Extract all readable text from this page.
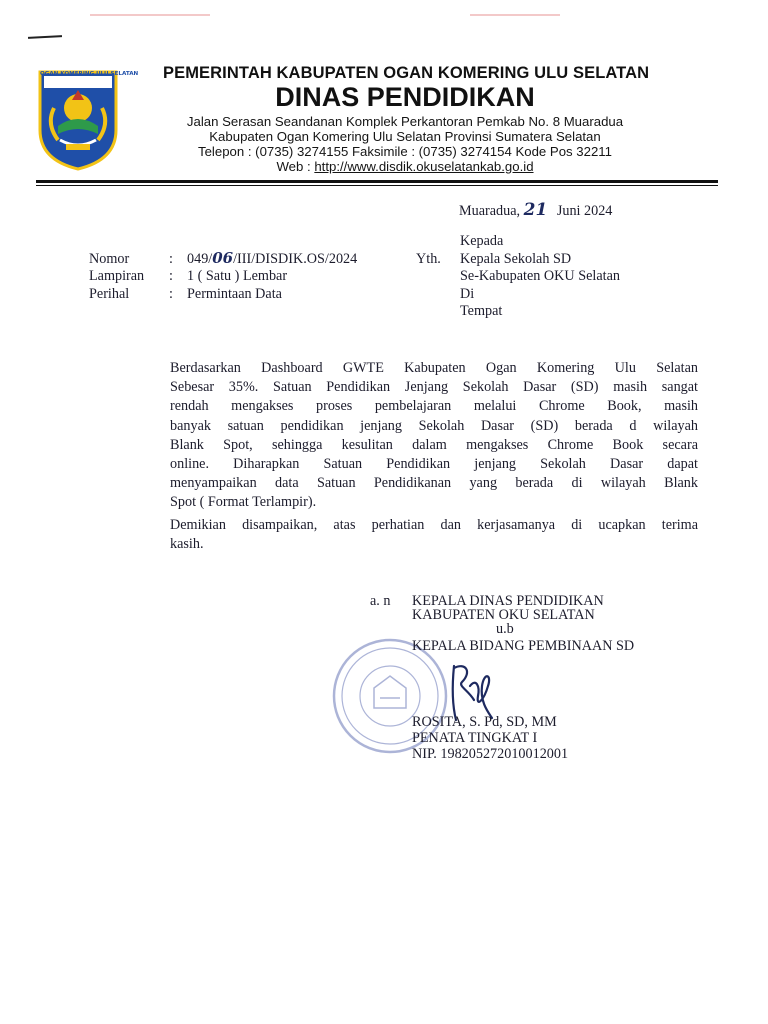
OGAN KOMERING ULU SELATAN PEMERINTAH KABUPATEN OGAN KOMERING ULU SELATAN
DINAS PENDIDIKAN
Jalan Serasan Seandanan Komplek Perkantoran Pemkab No. 8 Muaradua
Kabupaten Ogan Komering Ulu Selatan Provinsi Sumatera Selatan
Telepon : (0735) 3274155 Faksimile : (0735) 3274154 Kode Pos 32211
Web : http://www.disdik.okuselatankab.go.id
Muaradua, 21 Juni 2024
Nomor	: 049/06/III/DISDIK.OS/2024
Lampiran : 1 ( Satu ) Lembar
Perihal	: Permintaan Data
Yth.
Kepada
Kepala Sekolah SD
Se-Kabupaten OKU Selatan
Di
Tempat
Berdasarkan Dashboard GWTE Kabupaten Ogan Komering Ulu Selatan
Sebesar 35%. Satuan Pendidikan Jenjang Sekolah Dasar (SD) masih sangat
rendah mengakses proses pembelajaran melalui Chrome Book, masih
banyak satuan pendidikan jenjang Sekolah Dasar (SD) berada d wilayah
Blank Spot, sehingga kesulitan dalam mengakses Chrome Book secara
online. Diharapkan Satuan Pendidikan jenjang Sekolah Dasar dapat
menyampaikan data Satuan Pendidikanan yang berada di wilayah Blank
Spot ( Format Terlampir).
Demikian disampaikan, atas perhatian dan kerjasamanya di ucapkan terima
kasih.
a. n KEPALA DINAS PENDIDIKAN
KABUPATEN OKU SELATAN
u.b
KEPALA BIDANG PEMBINAAN SD
ROSITA, S. Pd, SD, MM
PENATA TINGKAT I
NIP. 198205272010012001
